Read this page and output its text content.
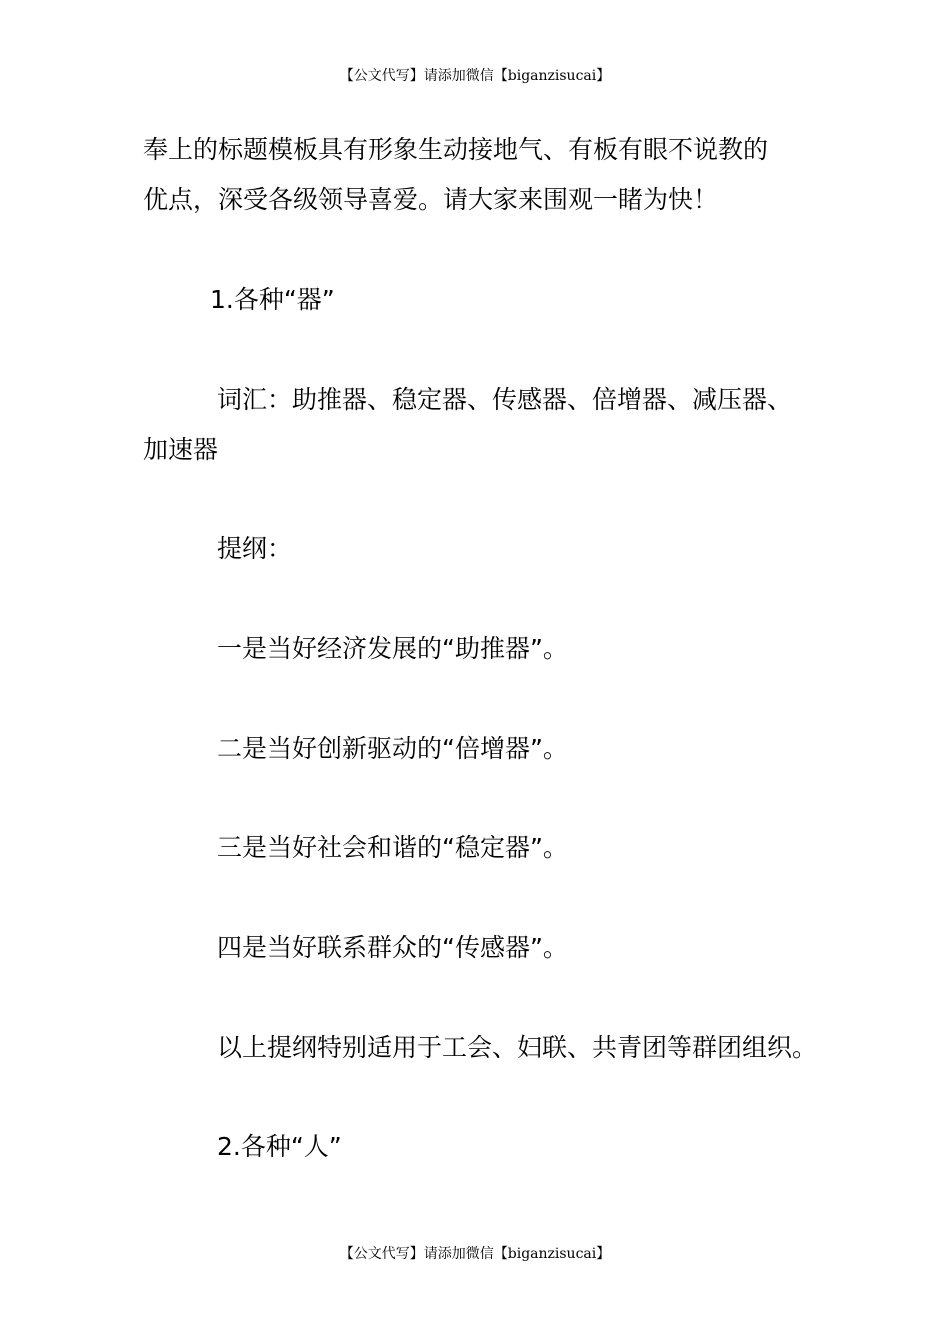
【公文代写】请添加微信【biganzisucai】
奉上的标题模板具有形象生动接地气、有板有眼不说教的
优点，深受各级领导喜爱。请大家来围观一睹为快！
1.各种“器”
词汇：助推器、稳定器、传感器、倍增器、减压器、
加速器
提纲：
一是当好经济发展的“助推器”。
二是当好创新驱动的“倍增器”。
三是当好社会和谐的“稳定器”。
四是当好联系群众的“传感器”。
以上提纲特别适用于工会、妇联、共青团等群团组织。
2.各种“人”
【公文代写】请添加微信【biganzisucai】
